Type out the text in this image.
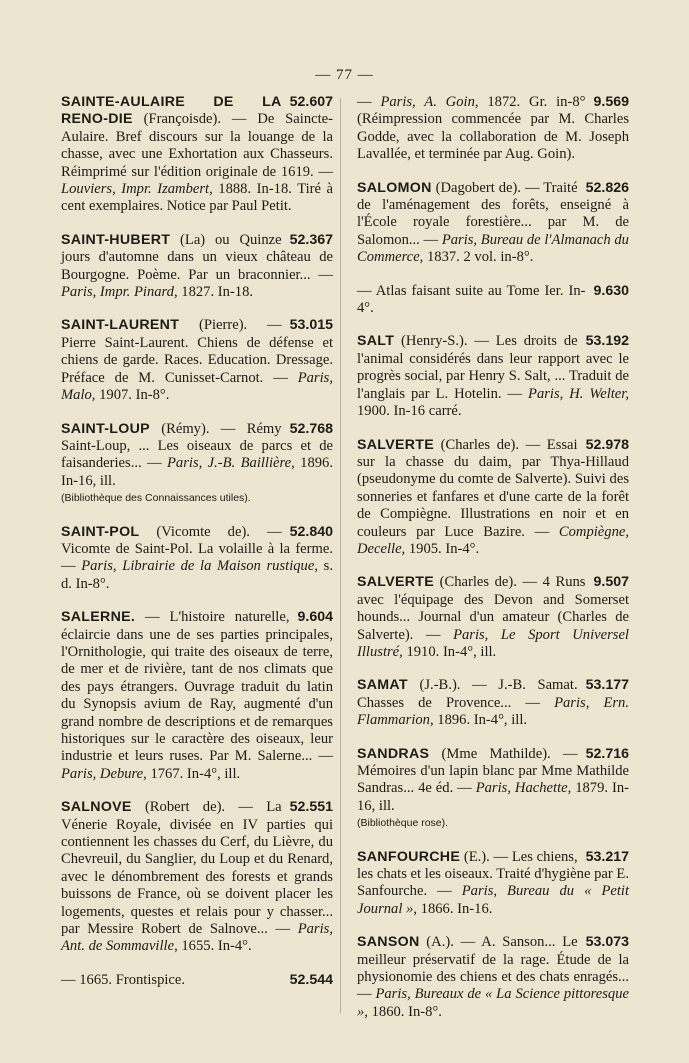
— 77 —

52.607
SAINTE-AULAIRE DE LA RENO-DIE (Françoisde). — De Saincte-Aulaire. Bref discours sur la louange de la chasse, avec une Exhortation aux Chasseurs. Réimprimé sur l'édition originale de 1619. — Louviers, Impr. Izambert, 1888. In-18. Tiré à cent exemplaires. Notice par Paul Petit.

52.367
SAINT-HUBERT (La) ou Quinze jours d'automne dans un vieux château de Bourgogne. Poème. Par un braconnier... — Paris, Impr. Pinard, 1827. In-18.

53.015
SAINT-LAURENT (Pierre). — Pierre Saint-Laurent. Chiens de défense et chiens de garde. Races. Education. Dressage. Préface de M. Cunisset-Carnot. — Paris, Malo, 1907. In-8°.

52.768
SAINT-LOUP (Rémy). — Rémy Saint-Loup, ... Les oiseaux de parcs et de faisanderies... — Paris, J.-B. Baillière, 1896. In-16, ill.

(Bibliothèque des Connaissances utiles).

52.840
SAINT-POL (Vicomte de). — Vicomte de Saint-Pol. La volaille à la ferme. — Paris, Librairie de la Maison rustique, s. d. In-8°.

9.604
SALERNE. — L'histoire naturelle, éclaircie dans une de ses parties principales, l'Ornithologie, qui traite des oiseaux de terre, de mer et de rivière, tant de nos climats que des pays étrangers. Ouvrage traduit du latin du Synopsis avium de Ray, augmenté d'un grand nombre de descriptions et de remarques historiques sur le caractère des oiseaux, leur industrie et leurs ruses. Par M. Salerne... — Paris, Debure, 1767. In-4°, ill.

52.551
SALNOVE (Robert de). — La Vénerie Royale, divisée en IV parties qui contiennent les chasses du Cerf, du Lièvre, du Chevreuil, du Sanglier, du Loup et du Renard, avec le dénombrement des forests et grands buissons de France, où se doivent placer les logements, questes et relais pour y chasser... par Messire Robert de Salnove... — Paris, Ant. de Sommaville, 1655. In-4°.

52.544
— 1665. Frontispice.

9.569
— Paris, A. Goin, 1872. Gr. in-8° (Réimpression commencée par M. Charles Godde, avec la collaboration de M. Joseph Lavallée, et terminée par Aug. Goin).

52.826
SALOMON (Dagobert de). — Traité de l'aménagement des forêts, enseigné à l'École royale forestière... par M. de Salomon... — Paris, Bureau de l'Almanach du Commerce, 1837. 2 vol. in-8°.

9.630
— Atlas faisant suite au Tome Ier. In-4°.

53.192
SALT (Henry-S.). — Les droits de l'animal considérés dans leur rapport avec le progrès social, par Henry S. Salt, ... Traduit de l'anglais par L. Hotelin. — Paris, H. Welter, 1900. In-16 carré.

52.978
SALVERTE (Charles de). — Essai sur la chasse du daim, par Thya-Hillaud (pseudonyme du comte de Salverte). Suivi des sonneries et fanfares et d'une carte de la forêt de Compiègne. Illustrations en noir et en couleurs par Luce Bazire. — Compiègne, Decelle, 1905. In-4°.

9.507
SALVERTE (Charles de). — 4 Runs avec l'équipage des Devon and Somerset hounds... Journal d'un amateur (Charles de Salverte). — Paris, Le Sport Universel Illustré, 1910. In-4°, ill.

53.177
SAMAT (J.-B.). — J.-B. Samat. Chasses de Provence... — Paris, Ern. Flammarion, 1896. In-4°, ill.

52.716
SANDRAS (Mme Mathilde). — Mémoires d'un lapin blanc par Mme Mathilde Sandras... 4e éd. — Paris, Hachette, 1879. In-16, ill.

(Bibliothèque rose).

53.217
SANFOURCHE (E.). — Les chiens, les chats et les oiseaux. Traité d'hygiène par E. Sanfourche. — Paris, Bureau du « Petit Journal », 1866. In-16.

53.073
SANSON (A.). — A. Sanson... Le meilleur préservatif de la rage. Étude de la physionomie des chiens et des chats enragés... — Paris, Bureaux de « La Science pittoresque », 1860. In-8°.
